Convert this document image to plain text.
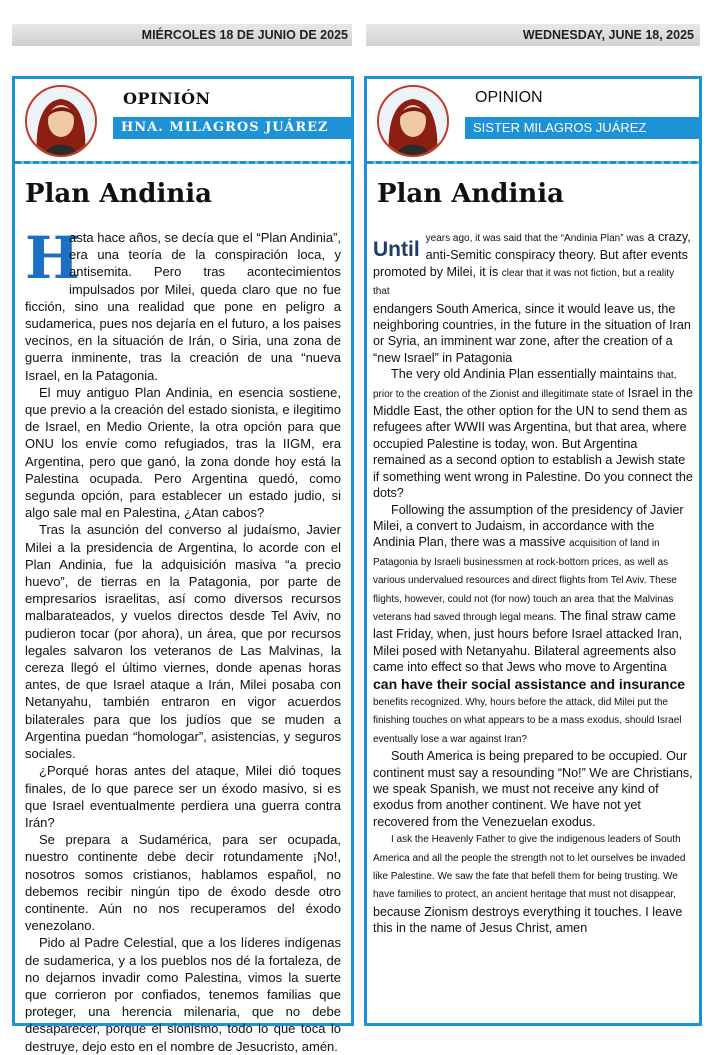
MIÉRCOLES 18 DE JUNIO DE 2025	WEDNESDAY, JUNE 18, 2025
OPINIÓN
HNA. MILAGROS JUÁREZ
Plan Andinia

H
asta hace años, se decía que el “Plan Andinia”, era una teoría de la conspiración loca, y antisemita. Pero tras acontecimientos impulsados por Milei, queda claro que no fue ficción, sino una realidad que pone en peligro a sudamerica, pues nos dejaría en el futuro, a los paises vecinos, en la situación de Irán, o Siria, una zona de guerra inminente, tras la creación de una “nueva Israel, en la Patagonia.

El muy antiguo Plan Andinia, en esencia sostiene, que previo a la creación del estado sionista, e ilegitimo de Israel, en Medio Oriente, la otra opción para que ONU los envíe como refugiados, tras la IIGM, era Argentina, pero que ganó, la zona donde hoy está la Palestina ocupada. Pero Argentina quedó, como segunda opción, para establecer un estado judio, si algo sale mal en Palestina, ¿Atan cabos?

Tras la asunción del converso al judaísmo, Javier Milei a la presidencia de Argentina, lo acorde con el Plan Andinia, fue la adquisición masiva “a precio huevo”, de tierras en la Patagonia, por parte de empresarios israelitas, así como diversos recursos malbarateados, y vuelos directos desde Tel Aviv, no pudieron tocar (por ahora), un área, que por recursos legales salvaron los veteranos de Las Malvinas, la cereza llegó el último viernes, donde apenas horas antes, de que Israel ataque a Irán, Milei posaba con Netanyahu, también entraron en vigor acuerdos bilaterales para que los judíos que se muden a Argentina puedan “homologar”, asistencias, y seguros sociales.

¿Porqué horas antes del ataque, Milei dió toques finales, de lo que parece ser un éxodo masivo, si es que Israel eventualmente perdiera una guerra contra Irán?

Se prepara a Sudamérica, para ser ocupada, nuestro continente debe decir rotundamente ¡No!, nosotros somos cristianos, hablamos español, no debemos recibir ningún tipo de éxodo desde otro continente. Aún no nos recuperamos del éxodo venezolano.

Pido al Padre Celestial, que a los líderes indígenas de sudamerica, y a los pueblos nos dé la fortaleza, de no dejarnos invadir como Palestina, vimos la suerte que corrieron por confiados, tenemos familias que proteger, una herencia milenaria, que no debe desaparecer, porque el sionismo, todo lo que toca lo destruye, dejo esto en el nombre de Jesucristo, amén.

OPINION
SISTER MILAGROS JUÁREZ
Plan Andinia

Until years ago, it was said that the “Andinia Plan” was a crazy, anti-Semitic conspiracy theory. But after events promoted by Milei, it is clear that it was not fiction, but a reality that

endangers South America, since it would leave us, the neighboring countries, in the future in the situation of Iran or Syria, an imminent war zone, after the creation of a “new Israel” in Patagonia

The very old Andinia Plan essentially maintains that, prior to the creation of the Zionist and illegitimate state of Israel in the Middle East, the other option for the UN to send them as refugees after WWII was Argentina, but that area, where occupied Palestine is today, won. But Argentina remained as a second option to establish a Jewish state if something went wrong in Palestine. Do you connect the dots?

Following the assumption of the presidency of Javier Milei, a convert to Judaism, in accordance with the Andinia Plan, there was a massive acquisition of land in Patagonia by Israeli businessmen at rock-bottom prices, as well as various undervalued resources and direct flights from Tel Aviv. These flights, however, could not (for now) touch an area that the Malvinas veterans had saved through legal means. The final straw came last Friday, when, just hours before Israel attacked Iran, Milei posed with Netanyahu. Bilateral agreements also came into effect so that Jews who move to Argentina can have their social assistance and insurance benefits recognized. Why, hours before the attack, did Milei put the finishing touches on what appears to be a mass exodus, should Israel eventually lose a war against Iran?

South America is being prepared to be occupied. Our continent must say a resounding “No!” We are Christians, we speak Spanish, we must not receive any kind of exodus from another continent. We have not yet recovered from the Venezuelan exodus.

I ask the Heavenly Father to give the indigenous leaders of South America and all the people the strength not to let ourselves be invaded like Palestine. We saw the fate that befell them for being trusting. We have families to protect, an ancient heritage that must not disappear, because Zionism destroys everything it touches. I leave this in the name of Jesus Christ, amen
